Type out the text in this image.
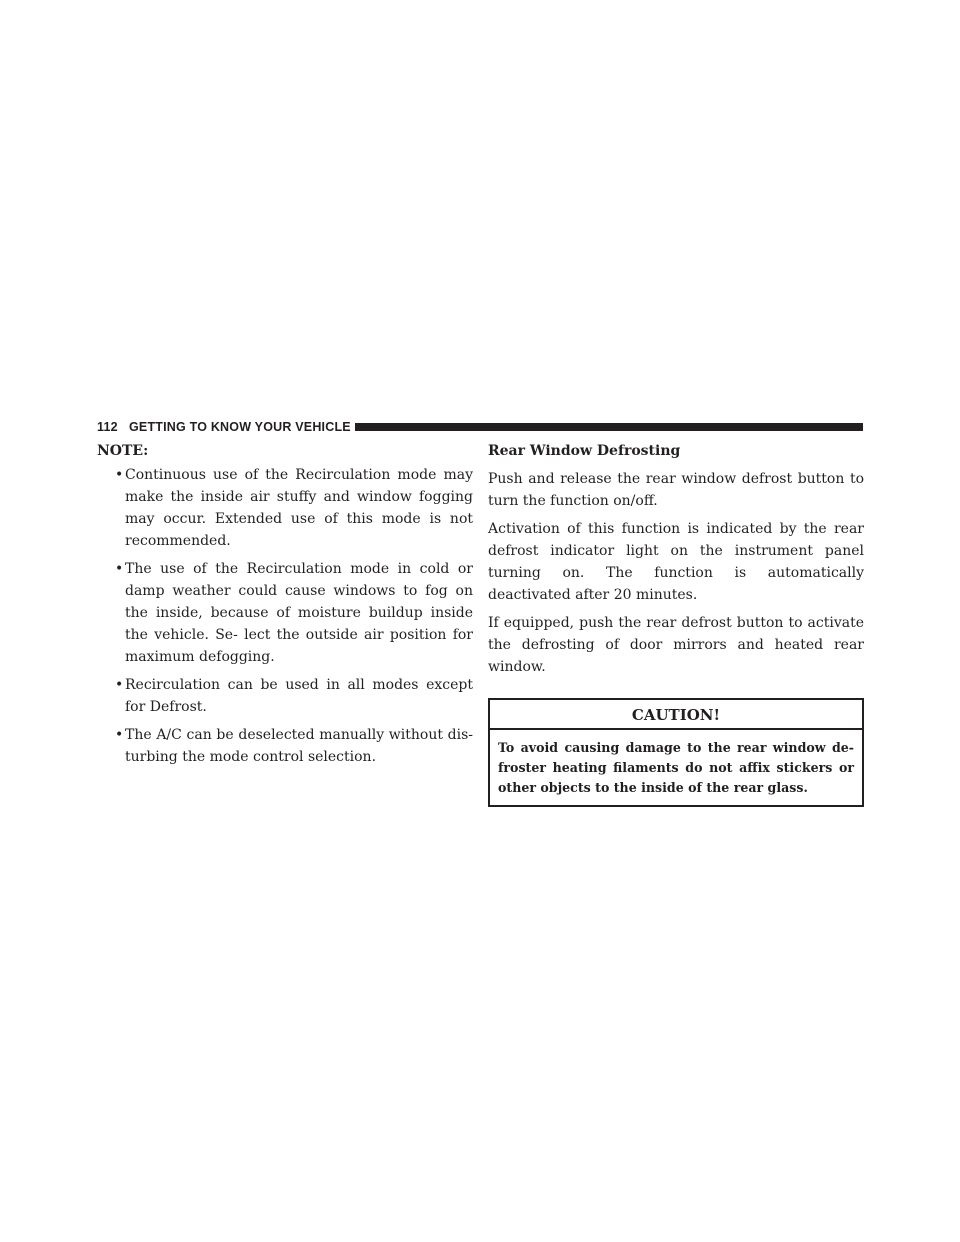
112 GETTING TO KNOW YOUR VEHICLE

NOTE:

• Continuous use of the Recirculation mode may make the inside air stuffy and window fogging may occur. Extended use of this mode is not recommended.
• The use of the Recirculation mode in cold or damp weather could cause windows to fog on the inside, because of moisture buildup inside the vehicle. Se- lect the outside air position for maximum defogging.
• Recirculation can be used in all modes except for Defrost.
• The A/C can be deselected manually without dis- turbing the mode control selection.

Rear Window Defrosting

Push and release the rear window defrost button to turn the function on/off.

Activation of this function is indicated by the rear defrost indicator light on the instrument panel turning on. The function is automatically deactivated after 20 minutes.

If equipped, push the rear defrost button to activate the defrosting of door mirrors and heated rear window.

CAUTION!
To avoid causing damage to the rear window de- froster heating filaments do not affix stickers or other objects to the inside of the rear glass.
